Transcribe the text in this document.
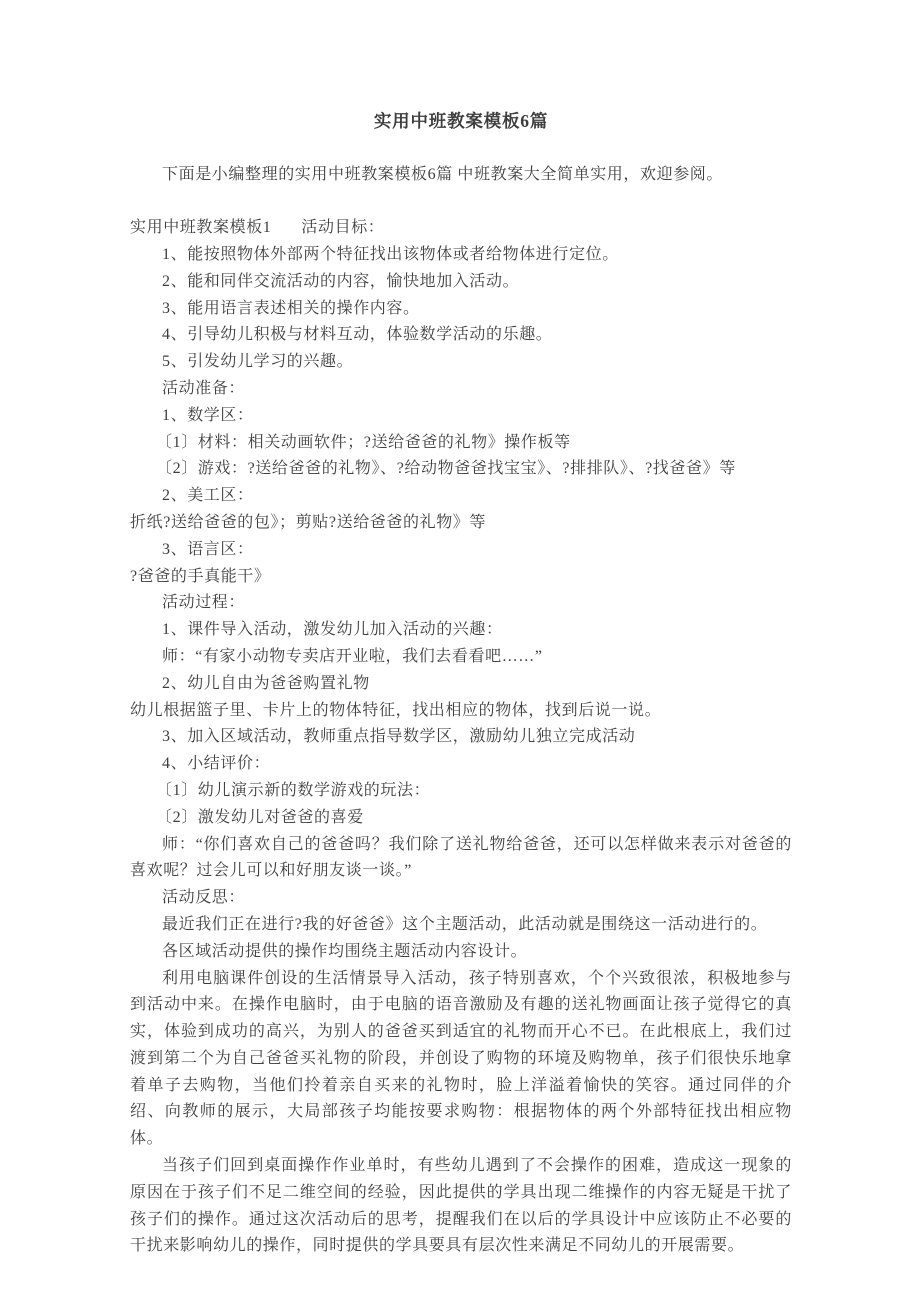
实用中班教案模板6篇

下面是小编整理的实用中班教案模板6篇 中班教案大全简单实用，欢迎参阅。

实用中班教案模板1 活动目标：

1、能按照物体外部两个特征找出该物体或者给物体进行定位。

2、能和同伴交流活动的内容，愉快地加入活动。

3、能用语言表述相关的操作内容。

4、引导幼儿积极与材料互动，体验数学活动的乐趣。

5、引发幼儿学习的兴趣。

活动准备：

1、数学区：

〔1〕材料：相关动画软件；?送给爸爸的礼物》操作板等

〔2〕游戏：?送给爸爸的礼物》、?给动物爸爸找宝宝》、?排排队》、?找爸爸》等

2、美工区：

折纸?送给爸爸的包》；剪贴?送给爸爸的礼物》等

3、语言区：

?爸爸的手真能干》

活动过程：

1、课件导入活动，激发幼儿加入活动的兴趣：

师：“有家小动物专卖店开业啦，我们去看看吧……”

2、幼儿自由为爸爸购置礼物

幼儿根据篮子里、卡片上的物体特征，找出相应的物体，找到后说一说。

3、加入区域活动，教师重点指导数学区，激励幼儿独立完成活动

4、小结评价：

〔1〕幼儿演示新的数学游戏的玩法：

〔2〕激发幼儿对爸爸的喜爱

师：“你们喜欢自己的爸爸吗？我们除了送礼物给爸爸，还可以怎样做来表示对爸爸的喜欢呢？过会儿可以和好朋友谈一谈。”

活动反思：

最近我们正在进行?我的好爸爸》这个主题活动，此活动就是围绕这一活动进行的。

各区域活动提供的操作均围绕主题活动内容设计。

利用电脑课件创设的生活情景导入活动，孩子特别喜欢，个个兴致很浓，积极地参与到活动中来。在操作电脑时，由于电脑的语音激励及有趣的送礼物画面让孩子觉得它的真实，体验到成功的高兴，为别人的爸爸买到适宜的礼物而开心不已。在此根底上，我们过渡到第二个为自己爸爸买礼物的阶段，并创设了购物的环境及购物单，孩子们很快乐地拿着单子去购物，当他们拎着亲自买来的礼物时，脸上洋溢着愉快的笑容。通过同伴的介绍、向教师的展示，大局部孩子均能按要求购物：根据物体的两个外部特征找出相应物体。

当孩子们回到桌面操作作业单时，有些幼儿遇到了不会操作的困难，造成这一现象的原因在于孩子们不足二维空间的经验，因此提供的学具出现二维操作的内容无疑是干扰了孩子们的操作。通过这次活动后的思考，提醒我们在以后的学具设计中应该防止不必要的干扰来影响幼儿的操作，同时提供的学具要具有层次性来满足不同幼儿的开展需要。
